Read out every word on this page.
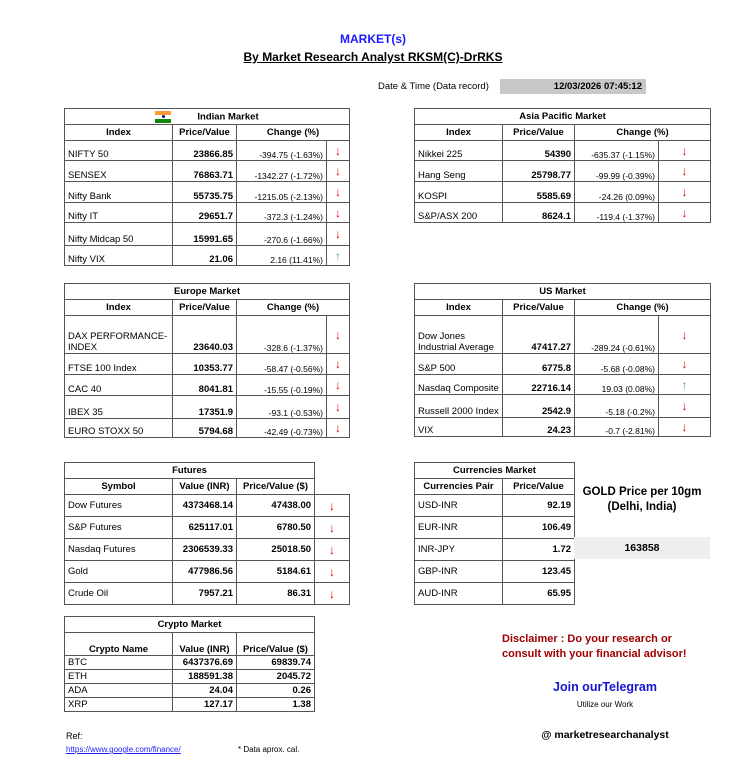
MARKET(s)
By Market Research Analyst RKSM(C)-DrRKS
Date & Time (Data record)	12/03/2026 07:45:12
Indian Market			
Index	Price/Value	Change (%)	
NIFTY 50	23866.85	-394.75 (-1.63%)	↓
SENSEX	76863.71	-1342.27 (-1.72%)	↓
Nifty Bank	55735.75	-1215.05 (-2.13%)	↓
Nifty IT	29651.7	-372.3 (-1.24%)	↓
Nifty Midcap 50	15991.65	-270.6 (-1.66%)	↓
Nifty VIX	21.06	2.16 (11.41%)	↑
Asia Pacific Market			
Index	Price/Value	Change (%)	
Nikkei 225	54390	-635.37 (-1.15%)	↓
Hang Seng	25798.77	-99.99 (-0.39%)	↓
KOSPI	5585.69	-24.26 (0.09%)	↓
S&P/ASX 200	8624.1	-119.4 (-1.37%)	↓
Europe Market			
Index	Price/Value	Change (%)	
DAX PERFORMANCE-INDEX	23640.03	-328.6 (-1.37%)	↓
FTSE 100 Index	10353.77	-58.47 (-0.56%)	↓
CAC 40	8041.81	-15.55 (-0.19%)	↓
IBEX 35	17351.9	-93.1 (-0.53%)	↓
EURO STOXX 50	5794.68	-42.49 (-0.73%)	↓
US Market			
Index	Price/Value	Change (%)	
Dow Jones Industrial Average	47417.27	-289.24 (-0.61%)	↓
S&P 500	6775.8	-5.68 (-0.08%)	↓
Nasdaq Composite	22716.14	19.03 (0.08%)	↑
Russell 2000 Index	2542.9	-5.18 (-0.2%)	↓
VIX	24.23	-0.7 (-2.81%)	↓
Futures			
Symbol	Value (INR)	Price/Value ($)	
Dow Futures	4373468.14	47438.00	↓
S&P Futures	625117.01	6780.50	↓
Nasdaq Futures	2306539.33	25018.50	↓
Gold	477986.56	5184.61	↓
Crude Oil	7957.21	86.31	↓
Currencies Market	
Currencies Pair	Price/Value
USD-INR	92.19
EUR-INR	106.49
INR-JPY	1.72
GBP-INR	123.45
AUD-INR	65.95
GOLD Price per 10gm (Delhi, India)
163858
Crypto Market		
Crypto Name	Value (INR)	Price/Value ($)
BTC	6437376.69	69839.74
ETH	188591.38	2045.72
ADA	24.04	0.26
XRP	127.17	1.38
Ref:
https://www.google.com/finance/	* Data aprox. cal.
Disclaimer : Do your research or consult with your financial advisor!
Join ourTelegram
Utilize our Work
@ marketresearchanalyst
